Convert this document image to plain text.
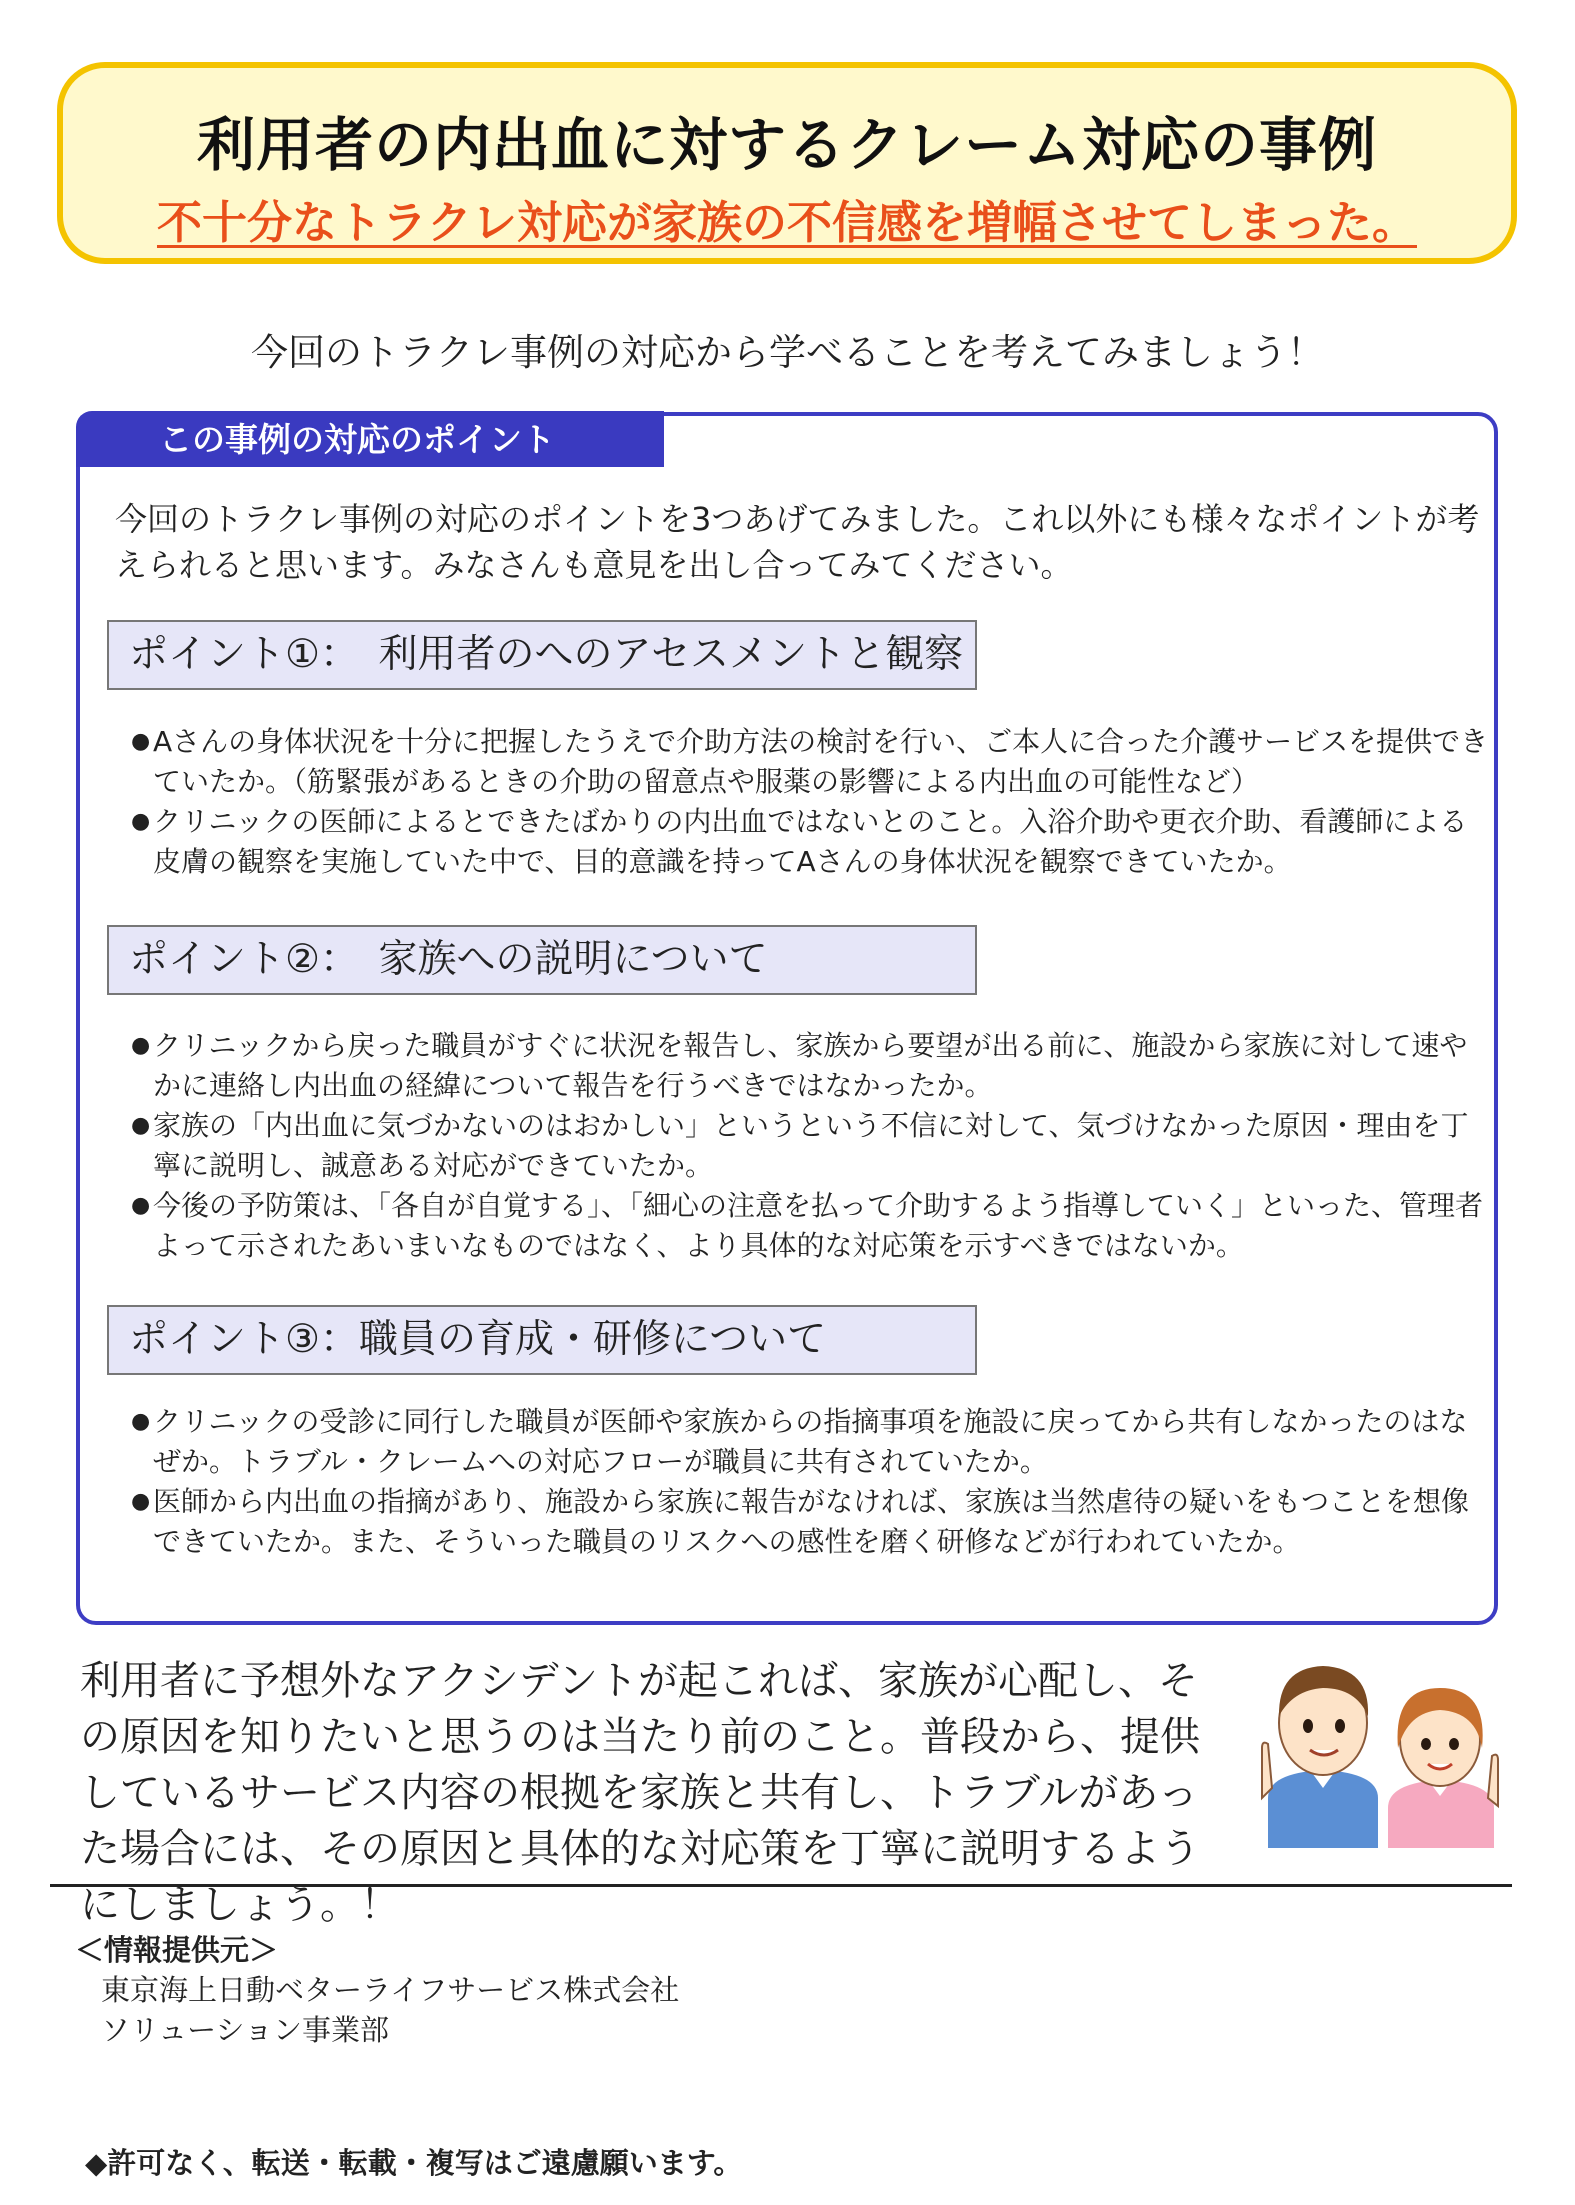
利用者の内出血に対するクレーム対応の事例
不十分なトラクレ対応が家族の不信感を増幅させてしまった。
今回のトラクレ事例の対応から学べることを考えてみましょう！
この事例の対応のポイント
今回のトラクレ事例の対応のポイントを3つあげてみました。これ以外にも様々なポイントが考えられると思います。みなさんも意見を出し合ってみてください。
ポイント①：　利用者のへのアセスメントと観察
● Aさんの身体状況を十分に把握したうえで介助方法の検討を行い、ご本人に合った介護サービスを提供できていたか。（筋緊張があるときの介助の留意点や服薬の影響による内出血の可能性など）
● クリニックの医師によるとできたばかりの内出血ではないとのこと。入浴介助や更衣介助、看護師による皮膚の観察を実施していた中で、目的意識を持ってAさんの身体状況を観察できていたか。
ポイント②：　家族への説明について
● クリニックから戻った職員がすぐに状況を報告し、家族から要望が出る前に、施設から家族に対して速やかに連絡し内出血の経緯について報告を行うべきではなかったか。
● 家族の「内出血に気づかないのはおかしい」というという不信に対して、気づけなかった原因・理由を丁寧に説明し、誠意ある対応ができていたか。
● 今後の予防策は、「各自が自覚する」、「細心の注意を払って介助するよう指導していく」といった、管理者よって示されたあいまいなものではなく、より具体的な対応策を示すべきではないか。
ポイント③：職員の育成・研修について
● クリニックの受診に同行した職員が医師や家族からの指摘事項を施設に戻ってから共有しなかったのはなぜか。トラブル・クレームへの対応フローが職員に共有されていたか。
● 医師から内出血の指摘があり、施設から家族に報告がなければ、家族は当然虐待の疑いをもつことを想像できていたか。また、そういった職員のリスクへの感性を磨く研修などが行われていたか。
利用者に予想外なアクシデントが起これば、家族が心配し、その原因を知りたいと思うのは当たり前のこと。普段から、提供しているサービス内容の根拠を家族と共有し、トラブルがあった場合には、その原因と具体的な対応策を丁寧に説明するようにしましょう。！
＜情報提供元＞
東京海上日動ベターライフサービス株式会社
ソリューション事業部
◆許可なく、転送・転載・複写はご遠慮願います。
